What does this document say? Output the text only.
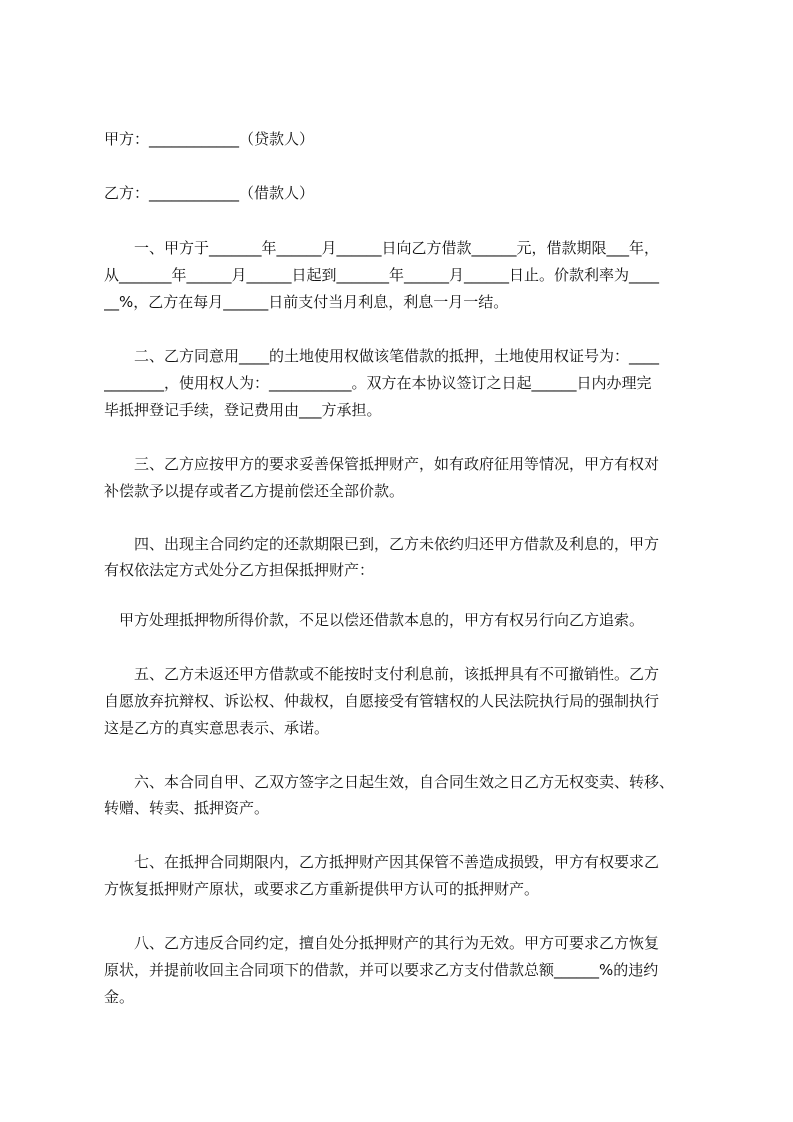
甲方：____________（贷款人）
乙方：____________（借款人）
　　一、甲方于_______年______月______日向乙方借款______元，借款期限___年，
从_______年______月______日起到_______年______月______日止。价款利率为____
__%，乙方在每月______日前支付当月利息，利息一月一结。
　　二、乙方同意用____的土地使用权做该笔借款的抵押，土地使用权证号为：____
________，使用权人为：___________。双方在本协议签订之日起______日内办理完
毕抵押登记手续，登记费用由___方承担。
　　三、乙方应按甲方的要求妥善保管抵押财产，如有政府征用等情况，甲方有权对
补偿款予以提存或者乙方提前偿还全部价款。
　　四、出现主合同约定的还款期限已到，乙方未依约归还甲方借款及利息的，甲方
有权依法定方式处分乙方担保抵押财产：
　甲方处理抵押物所得价款，不足以偿还借款本息的，甲方有权另行向乙方追索。
　　五、乙方未返还甲方借款或不能按时支付利息前，该抵押具有不可撤销性。乙方
自愿放弃抗辩权、诉讼权、仲裁权，自愿接受有管辖权的人民法院执行局的强制执行
这是乙方的真实意思表示、承诺。
　　六、本合同自甲、乙双方签字之日起生效，自合同生效之日乙方无权变卖、转移、
转赠、转卖、抵押资产。
　　七、在抵押合同期限内，乙方抵押财产因其保管不善造成损毁，甲方有权要求乙
方恢复抵押财产原状，或要求乙方重新提供甲方认可的抵押财产。
　　八、乙方违反合同约定，擅自处分抵押财产的其行为无效。甲方可要求乙方恢复
原状，并提前收回主合同项下的借款，并可以要求乙方支付借款总额______%的违约
金。
